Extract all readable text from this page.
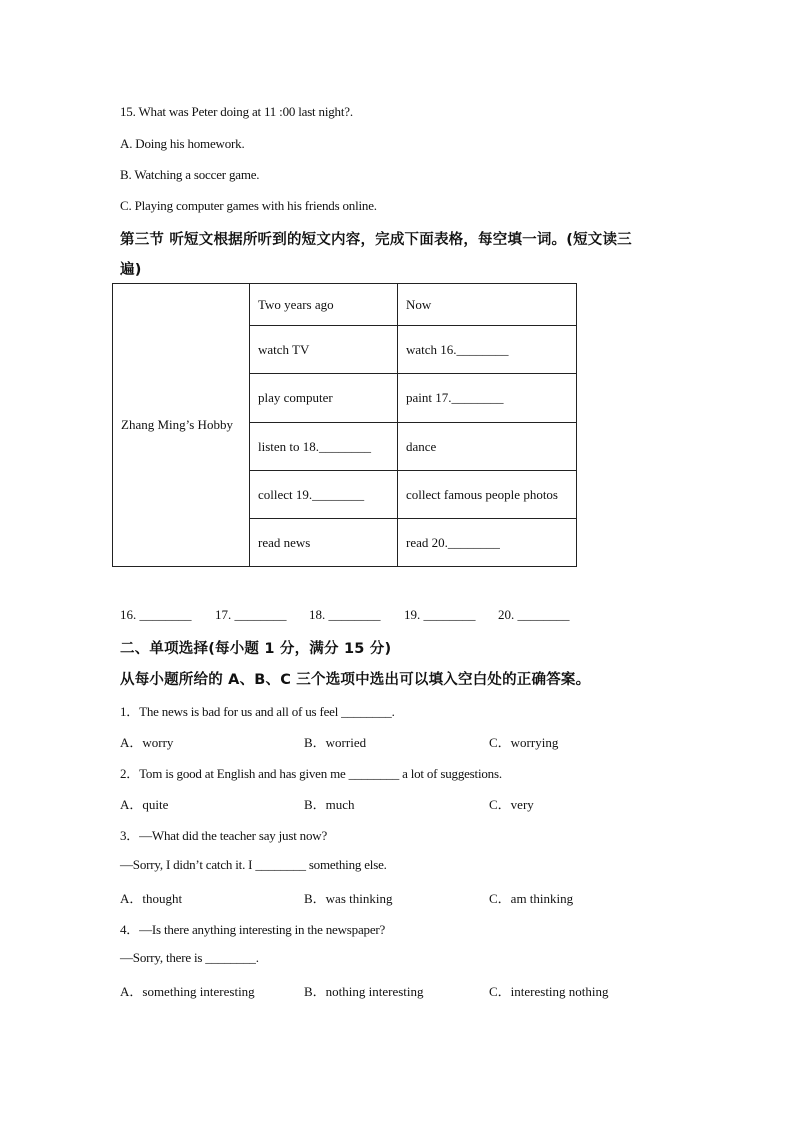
15. What was Peter doing at 11 :00 last night?.
A. Doing his homework.
B. Watching a soccer game.
C. Playing computer games with his friends online.
第三节 听短文根据所听到的短文内容，完成下面表格，每空填一词。(短文读三
遍)
Zhang Ming’s Hobby	Two years ago	Now
	watch TV	watch 16.________
	play computer	paint 17.________
	listen to 18.________	dance
	collect 19.________	collect famous people photos
	read news	read 20.________
16. ________ 17. ________ 18. ________ 19. ________ 20. ________
二、单项选择(每小题 1 分，满分 15 分)
从每小题所给的 A、B、C 三个选项中选出可以填入空白处的正确答案。
1．The news is bad for us and all of us feel ________.
A．worry	B．worried	C．worrying
2．Tom is good at English and has given me ________ a lot of suggestions.
A．quite	B．much	C．very
3．—What did the teacher say just now?
—Sorry, I didn’t catch it. I ________ something else.
A．thought	B．was thinking	C．am thinking
4．—Is there anything interesting in the newspaper?
—Sorry, there is ________.
A．something interesting	B．nothing interesting	C．interesting nothing
